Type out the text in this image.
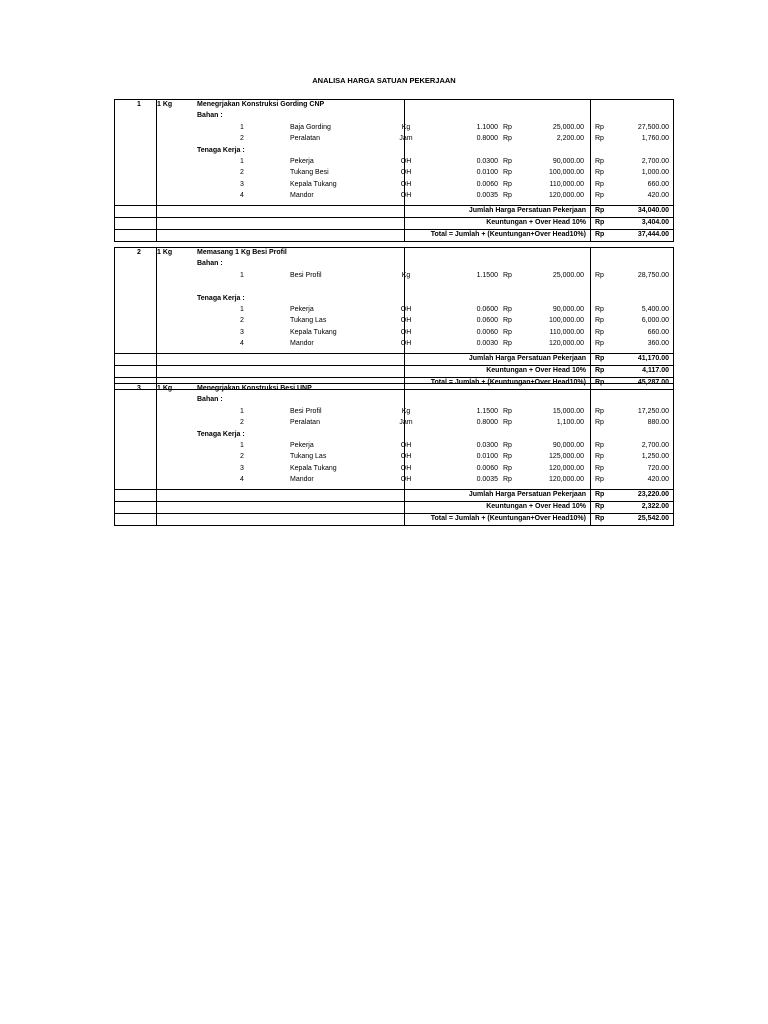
ANALISA HARGA SATUAN PEKERJAAN
1 1 Kg	Menegrjakan Konstruksi Gording CNP
Bahan :
1	Baja Gording	Kg	1.1000 Rp	25,000.00 Rp	27,500.00
2	Peralatan	Jam	0.8000 Rp	2,200.00 Rp	1,760.00
Tenaga Kerja :
1	Pekerja	OH	0.0300 Rp	90,000.00 Rp	2,700.00
2	Tukang Besi	OH	0.0100 Rp	100,000.00 Rp	1,000.00
3	Kepala Tukang	OH	0.0060 Rp	110,000.00 Rp	660.00
4	Mandor	OH	0.0035 Rp	120,000.00 Rp	420.00
Jumlah Harga Persatuan Pekerjaan Rp	34,040.00
Keuntungan + Over Head 10% Rp	3,404.00
Total = Jumlah + (Keuntungan+Over Head10%) Rp	37,444.00
2 1 Kg	Memasang 1 Kg Besi Profil
Bahan :
1	Besi Profil	Kg	1.1500 Rp	25,000.00 Rp	28,750.00
Tenaga Kerja :
1	Pekerja	OH	0.0600 Rp	90,000.00 Rp	5,400.00
2	Tukang Las	OH	0.0600 Rp	100,000.00 Rp	6,000.00
3	Kepala Tukang	OH	0.0060 Rp	110,000.00 Rp	660.00
4	Mandor	OH	0.0030 Rp	120,000.00 Rp	360.00
Jumlah Harga Persatuan Pekerjaan Rp	41,170.00
Keuntungan + Over Head 10% Rp	4,117.00
Total = Jumlah + (Keuntungan+Over Head10%) Rp	45,287.00
3 1 Kg	Menegrjakan Konstruksi Besi UNP
Bahan :
1	Besi Profil	Kg	1.1500 Rp	15,000.00 Rp	17,250.00
2	Peralatan	Jam	0.8000 Rp	1,100.00 Rp	880.00
Tenaga Kerja :
1	Pekerja	OH	0.0300 Rp	90,000.00 Rp	2,700.00
2	Tukang Las	OH	0.0100 Rp	125,000.00 Rp	1,250.00
3	Kepala Tukang	OH	0.0060 Rp	120,000.00 Rp	720.00
4	Mandor	OH	0.0035 Rp	120,000.00 Rp	420.00
Jumlah Harga Persatuan Pekerjaan Rp	23,220.00
Keuntungan + Over Head 10% Rp	2,322.00
Total = Jumlah + (Keuntungan+Over Head10%) Rp	25,542.00
